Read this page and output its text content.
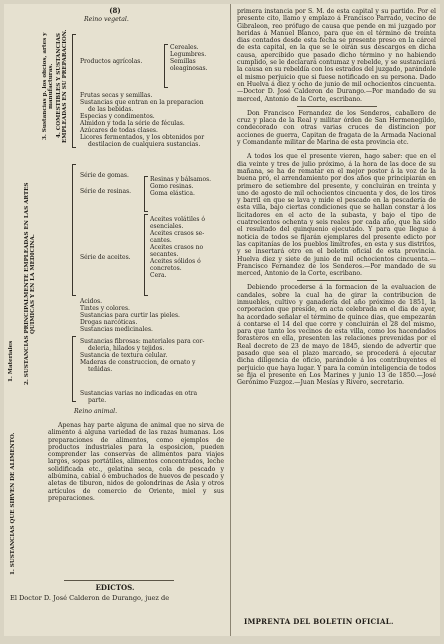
(8)
Reino vegetal.
3. Sustancias p. los oficios, artes y manufacturas. 4. COMESTIBLES Y SUSTANCIAS EMPLEADAS EN SU PREPARACION.
2. SUSTANCIAS PRINCIPALMENTE EMPLEADAS EN LAS ARTES QUIMICAS Y EN LA MEDICINA.
1. Materiales
1. SUSTANCIAS QUE SIRVEN DE ALIMENTO.
Productos agrícolas.
Cereales.
Legumbres.
Semillas oleaginosas.
Frutas secas y semillas.
Sustancias que entran en la preparacion
de las bebidas.
Especias y condimentos.
Almidon y toda la série de féculas.
Azúcares de todas clases.
Licores fermentados, y los obtenidos por
destilacion de cualquiera sustancias.
Série de gomas.
Série de resinas.
Resinas y bálsamos.
Gomo resinas.
Goma elástica.
Série de aceites.
Aceites volátiles ó
esenciales.
Aceites crasos se-
cantes.
Aceites crasos no
secantes.
Aceites sólidos ó
concretos.
Cera.
Acidos.
Tintes y colores.
Sustancias para curtir las pieles.
Drogas narcóticas.
Sustancias medicinales.
Sustancias fibrosas: materiales para cor-
deleria, hilados y tejidos.
Sustancia de textura celular.
Maderas de construccion, de ornato y
teñidas.
Sustancias varias no indicadas en otra
parte.
Reino animal.
Apenas hay parte alguna de animal que no sirva de alimento á alguna variedad de las razas humanas. Los preparaciones de alimentos, como ejemplos de productos industriales para la esposicion, pueden comprender las conservas de alimentos para viajes largos, sopas portátiles, alimentos concentrados, leche solidificada etc., gelatina seca, cola de pescado y albúmina, cabial ó embuchados de huevos de pescado y aletas de tiburon, nidos de golondrinas de Asia y otros artículos de comercio de Oriente, miel y sus preparaciones.
EDICTOS.
El Doctor D. José Calderon de Durango, juez de
primera instancia por S. M. de esta capital y su partido. Por el presente cito, llamo y emplazo á Francisco Parrado, vecino de Gibraleon, reo prófugo de causa que pende en mi juzgado por heridas á Manuel Blanco, para que en el término de treinta dias contados desde esta fecha se presente preso en la cárcel de esta capital, en la que se le oirán sus descargos en dicha causa, apercibido que pasado dicho término y no habiendo cumplido, se le declarará contumaz y rebelde, y se sustanciará la causa en su rebeldía con los estrados del juzgado, parándole el mismo perjuicio que si fuese notificado en su persona. Dado en Huelva á diez y ocho de junio de mil ochocientos cincuenta.—Doctor D. José Calderon de Durango.—Por mandado de su merced, Antonio de la Corte, escribano.
Don Francisco Fernandez de los Senderos, caballero de cruz y placa de la Real y militar órden de San Hermenegildo, condecorado con otras varias cruces de distincion por acciones de guerra, Capitan de fragata de la Armada Nacional y Comandante militar de Marina de esta provincia etc.
A todos los que el presente vieren, hago saber: que en el dia veinte y tres de julio próximo, á la hora de las doce de su mañana, se ha de rematar en el mejor postor á la voz de la buena pró, el arrendamiento por dos años que principiarán en primero de setiembre del presente, y concluirán en treinta y uno de agosto de mil ochocientos cincuenta y dos, de los tiros y barril en que se lava y mide el pescado en la pescadería de esta villa, bajo ciertas condiciones que se hallan constar á los licitadores en el acto de la subasta, y bajo el tipo de cuatrocientos ochenta y seis reales por cada año, que ha sido el resultado del quinquenio ejecutado. Y para que llegue á noticia de todos se fijarán ejemplares del presente edicto por las capitanías de los pueblos limítrofes, en esta y sus distritos, y se insertará otro en el boletin oficial de esta provincia. Huelva diez y siete de junio de mil ochocientos cincuenta.—Francisco Fernandez de los Senderos.—Por mandado de su merced, Antonio de la Corte, escribano.
Debiendo procederse á la formacion de la evaluacion de candales, sobre la cual ha de girar la contribucion de inmuebles, cultivo y ganadería del año próximo de 1851, la corporacion que preside, en acta celebrada en el dia de ayer, ha acordado señalar el término de quince dias, que empezarán á contarse el 14 del que corre y concluirán el 28 del mismo, para que tanto los vecinos de esta villa, como los hacendados forasteros en ella, presenten las relaciones prevenidas por el Real decreto de 23 de mayo de 1845, siendo de advertir que pasado que sea el plazo marcado, se procederá á ejecutar dicha diligencia de oficio, parándole á los contribuyentes el perjuicio que haya lugar. Y para la común inteligencia de todos se fija el presente en Los Marines y junio 13 de 1850.—José Gerónimo Fuzgoz.—Juan Mesías y Rivero, secretario.
IMPRENTA DEL BOLETIN OFICIAL.
